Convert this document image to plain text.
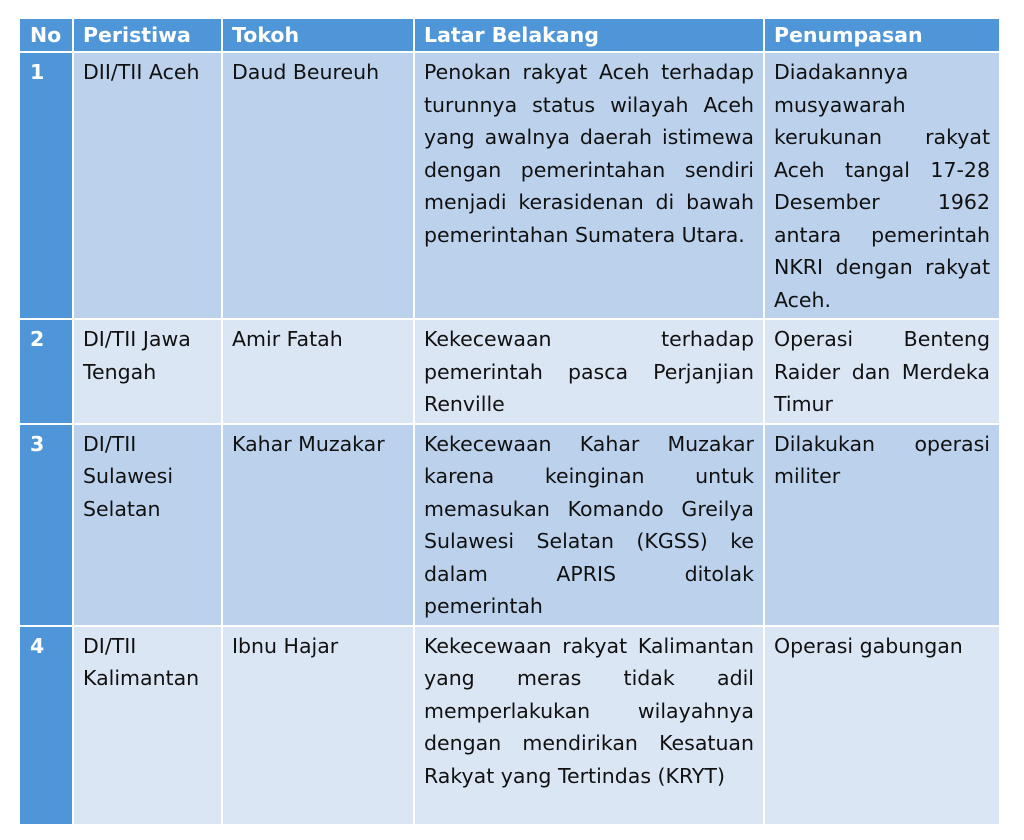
No	Peristiwa	Tokoh	Latar Belakang	Penumpasan
1	DII/TII Aceh	Daud Beureuh	Penokan rakyat Aceh terhadap turunnya status wilayah Aceh yang awalnya daerah istimewa dengan pemerintahan sendiri menjadi kerasidenan di bawah pemerintahan Sumatera Utara.	Diadakannya musyawarah kerukunan rakyat Aceh tangal 17-28 Desember 1962 antara pemerintah NKRI dengan rakyat Aceh.
2	DI/TII Jawa Tengah	Amir Fatah	Kekecewaan terhadap pemerintah pasca Perjanjian Renville	Operasi Benteng Raider dan Merdeka Timur
3	DI/TII Sulawesi Selatan	Kahar Muzakar	Kekecewaan Kahar Muzakar karena keinginan untuk memasukan Komando Greilya Sulawesi Selatan (KGSS) ke dalam APRIS ditolak pemerintah	Dilakukan operasi militer
4	DI/TII Kalimantan	Ibnu Hajar	Kekecewaan rakyat Kalimantan yang meras tidak adil memperlakukan wilayahnya dengan mendirikan Kesatuan Rakyat yang Tertindas (KRYT)	Operasi gabungan
